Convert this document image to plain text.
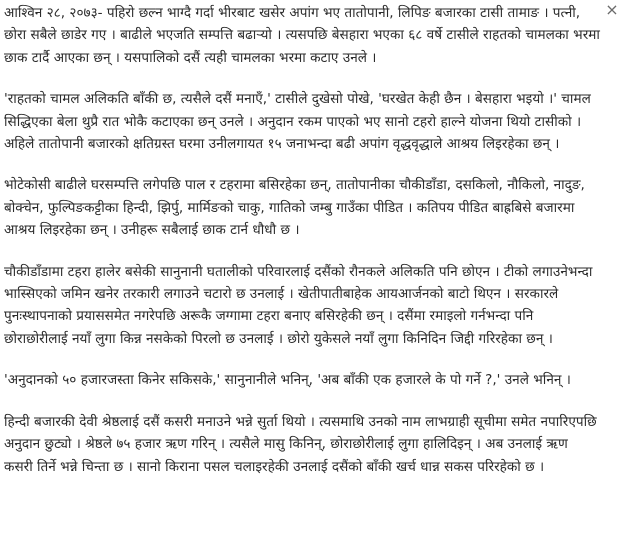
आश्विन २८, २०७३- पहिरो छल्न भाग्दै गर्दा भीरबाट खसेर अपांग भए तातोपानी, लिपिङ बजारका टासी तामाङ । पत्नी, छोरा सबैले छाडेर गए । बाढीले भएजति सम्पत्ति बढाऱ्यो । त्यसपछि बेसहारा भएका ६८ वर्षे टासीले राहतको चामलका भरमा छाक टार्दै आएका छन् । यसपालिको दसैं त्यही चामलका भरमा कटाए उनले ।

'राहतको चामल अलिकति बाँकी छ, त्यसैले दसैं मनाएँ,' टासीले दुखेसो पोखे, 'घरखेत केही छैन । बेसहारा भइयो ।' चामल सिद्धिएका बेला थुप्रै रात भोकै कटाएका छन् उनले । अनुदान रकम पाएको भए सानो टहरो हाल्ने योजना थियो टासीको । अहिले तातोपानी बजारको क्षतिग्रस्त घरमा उनीलगायत १५ जनाभन्दा बढी अपांग वृद्धवृद्धाले आश्रय लिइरहेका छन् ।

भोटेकोसी बाढीले घरसम्पत्ति लगेपछि पाल र टहरामा बसिरहेका छन्, तातोपानीका चौकीडाँडा, दसकिलो, नौकिलो, नादुङ, बोक्चेन, फुल्पिङकट्टीका हिन्दी, झिर्पु, मार्मिङको चाकु, गातिको जम्बु गाउँका पीडित । कतिपय पीडित बाह्रबिसे बजारमा आश्रय लिइरहेका छन् । उनीहरू सबैलाई छाक टार्न धौधौ छ ।

चौकीडाँडामा टहरा हालेर बसेकी सानुनानी घतालीको परिवारलाई दसैंको रौनकले अलिकति पनि छोएन । टीको लगाउनेभन्दा भास्सिएको जमिन खनेर तरकारी लगाउने चटारो छ उनलाई । खेतीपातीबाहेक आयआर्जनको बाटो थिएन । सरकारले पुनःस्थापनाको प्रयाससमेत नगरेपछि अरूकै जग्गामा टहरा बनाए बसिरहेकी छन् । दसैंमा रमाइलो गर्नभन्दा पनि छोराछोरीलाई नयाँ लुगा किन्न नसकेको पिरलो छ उनलाई । छोरो युकेसले नयाँ लुगा किनिदिन जिद्दी गरिरहेका छन् ।

'अनुदानको ५० हजारजस्ता किनेर सकिसके,' सानुनानीले भनिन्, 'अब बाँकी एक हजारले के पो गर्ने ?,' उनले भनिन् ।

हिन्दी बजारकी देवी श्रेष्ठलाई दसैं कसरी मनाउने भन्ने सुर्ता थियो । त्यसमाथि उनको नाम लाभग्राही सूचीमा समेत नपारिएपछि अनुदान छुट्यो । श्रेष्ठले ७५ हजार ऋण गरिन् । त्यसैले मासु किनिन्, छोराछोरीलाई लुगा हालिदिइन् । अब उनलाई ऋण कसरी तिर्ने भन्ने चिन्ता छ । सानो किराना पसल चलाइरहेकी उनलाई दसैंको बाँकी खर्च धान्न सकस परिरहेको छ ।

×
